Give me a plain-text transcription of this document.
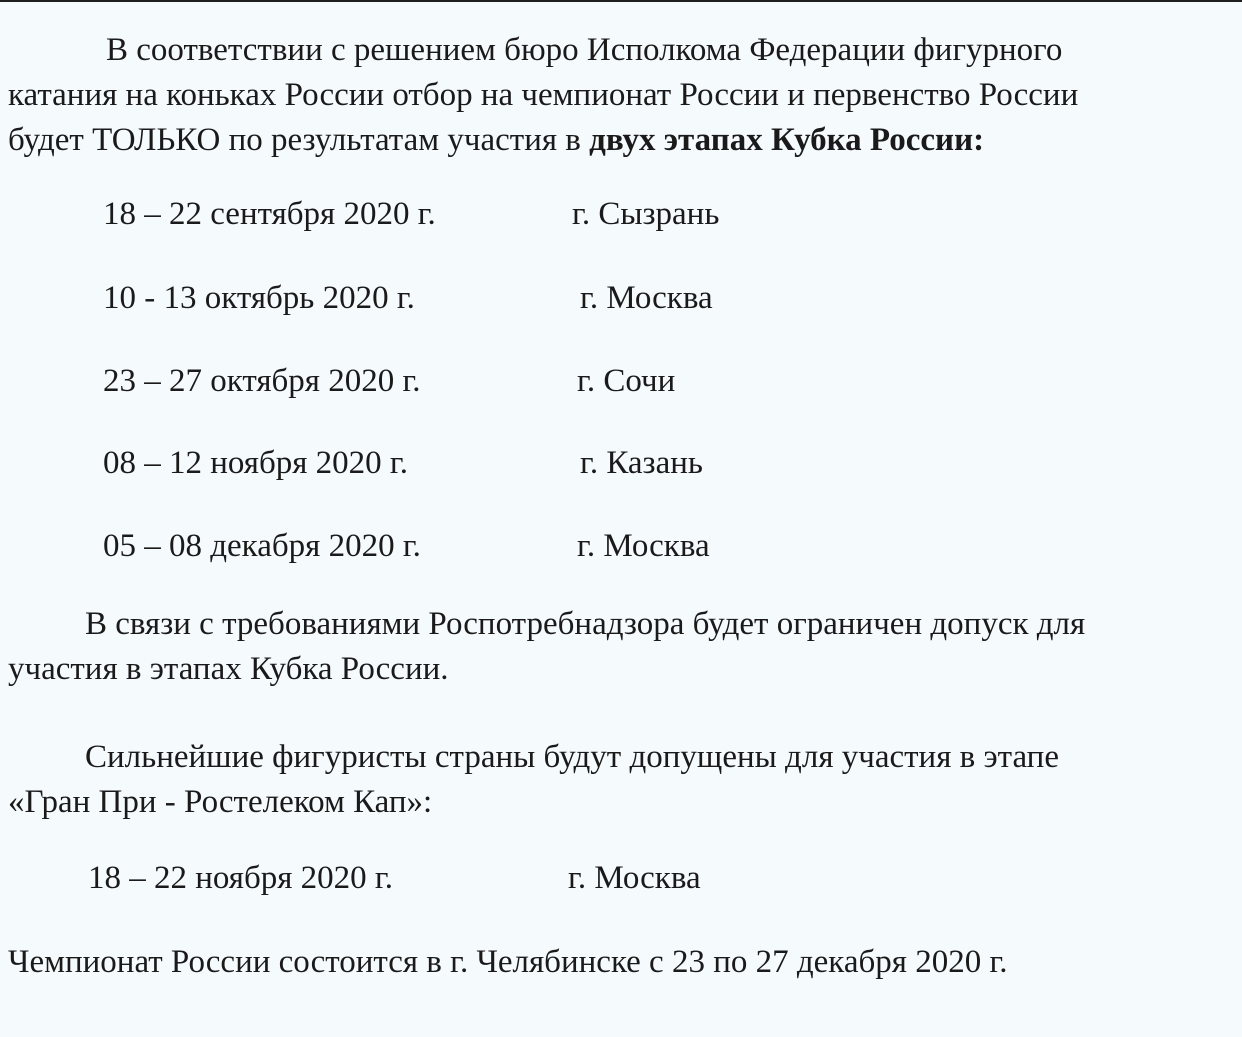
В соответствии с решением бюро Исполкома Федерации фигурного
катания на коньках России отбор на чемпионат России и первенство России
будет ТОЛЬКО по результатам участия в двух этапах Кубка России:
18 – 22 сентября 2020 г.	г. Сызрань
10 - 13 октябрь 2020 г.	г. Москва
23 – 27 октября 2020 г.	г. Сочи
08 – 12 ноября 2020 г.	г. Казань
05 – 08 декабря 2020 г.	г. Москва
В связи с требованиями Роспотребнадзора будет ограничен допуск для
участия в этапах Кубка России.
Сильнейшие фигуристы страны будут допущены для участия в этапе
«Гран При - Ростелеком Кап»:
18 – 22 ноября 2020 г.	г. Москва
Чемпионат России состоится в г. Челябинске с 23 по 27 декабря 2020 г.
